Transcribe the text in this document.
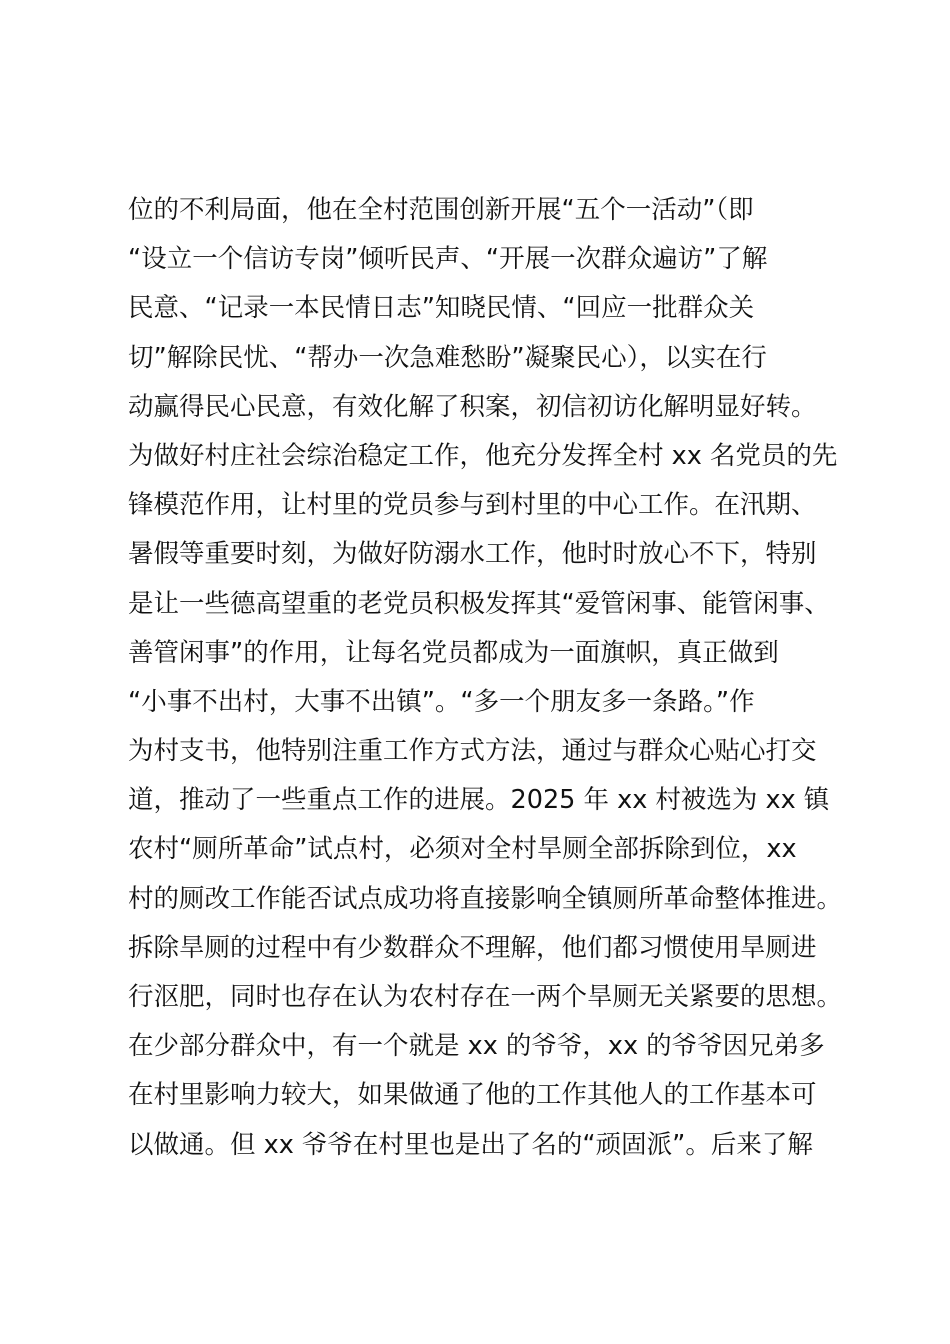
位的不利局面，他在全村范围创新开展“五个一活动”（即
“设立一个信访专岗”倾听民声、“开展一次群众遍访”了解
民意、“记录一本民情日志”知晓民情、“回应一批群众关
切”解除民忧、“帮办一次急难愁盼”凝聚民心），以实在行
动赢得民心民意，有效化解了积案，初信初访化解明显好转。
为做好村庄社会综治稳定工作，他充分发挥全村 xx 名党员的先
锋模范作用，让村里的党员参与到村里的中心工作。在汛期、
暑假等重要时刻，为做好防溺水工作，他时时放心不下，特别
是让一些德高望重的老党员积极发挥其“爱管闲事、能管闲事、
善管闲事”的作用，让每名党员都成为一面旗帜，真正做到
“小事不出村，大事不出镇”。“多一个朋友多一条路。”作
为村支书，他特别注重工作方式方法，通过与群众心贴心打交
道，推动了一些重点工作的进展。2025 年 xx 村被选为 xx 镇
农村“厕所革命”试点村，必须对全村旱厕全部拆除到位，xx
村的厕改工作能否试点成功将直接影响全镇厕所革命整体推进。
拆除旱厕的过程中有少数群众不理解，他们都习惯使用旱厕进
行沤肥，同时也存在认为农村存在一两个旱厕无关紧要的思想。
在少部分群众中，有一个就是 xx 的爷爷，xx 的爷爷因兄弟多
在村里影响力较大，如果做通了他的工作其他人的工作基本可
以做通。但 xx 爷爷在村里也是出了名的“顽固派”。后来了解
